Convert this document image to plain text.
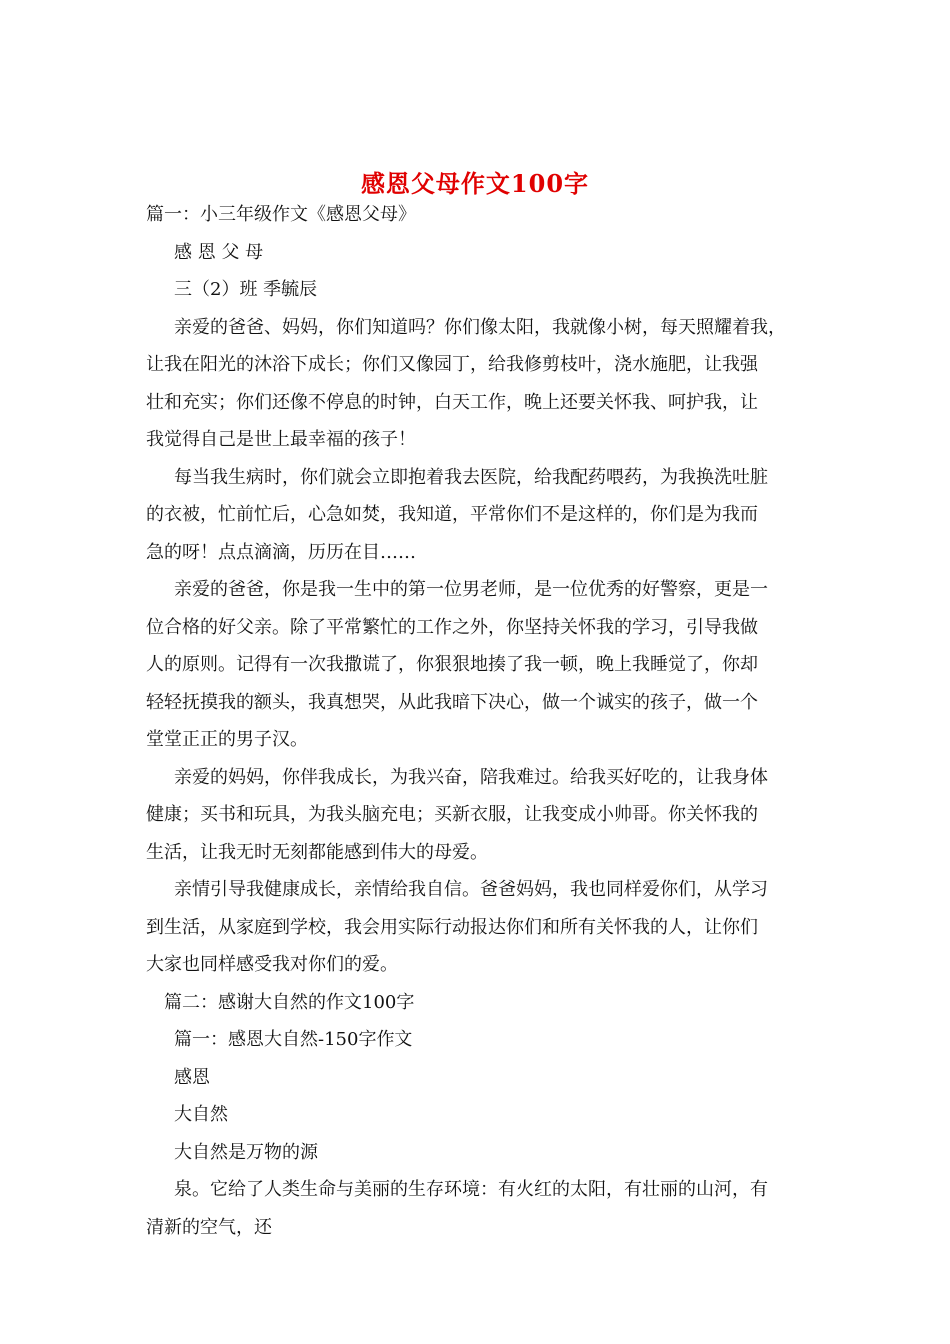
感恩父母作文100字

篇一：小三年级作文《感恩父母》

感 恩 父 母

三（2）班 季毓辰

亲爱的爸爸、妈妈，你们知道吗？你们像太阳，我就像小树，每天照耀着我，

让我在阳光的沐浴下成长；你们又像园丁，给我修剪枝叶，浇水施肥，让我强

壮和充实；你们还像不停息的时钟，白天工作，晚上还要关怀我、呵护我，让

我觉得自己是世上最幸福的孩子！

每当我生病时，你们就会立即抱着我去医院，给我配药喂药，为我换洗吐脏

的衣被，忙前忙后，心急如焚，我知道，平常你们不是这样的，你们是为我而

急的呀！点点滴滴，历历在目……

亲爱的爸爸，你是我一生中的第一位男老师，是一位优秀的好警察，更是一

位合格的好父亲。除了平常繁忙的工作之外，你坚持关怀我的学习，引导我做

人的原则。记得有一次我撒谎了，你狠狠地揍了我一顿，晚上我睡觉了，你却

轻轻抚摸我的额头，我真想哭，从此我暗下决心，做一个诚实的孩子，做一个

堂堂正正的男子汉。

亲爱的妈妈，你伴我成长，为我兴奋，陪我难过。给我买好吃的，让我身体

健康；买书和玩具，为我头脑充电；买新衣服，让我变成小帅哥。你关怀我的

生活，让我无时无刻都能感到伟大的母爱。

亲情引导我健康成长，亲情给我自信。爸爸妈妈，我也同样爱你们，从学习

到生活，从家庭到学校，我会用实际行动报达你们和所有关怀我的人，让你们

大家也同样感受我对你们的爱。

篇二：感谢大自然的作文100字

篇一：感恩大自然-150字作文

感恩

大自然

大自然是万物的源

泉。它给了人类生命与美丽的生存环境：有火红的太阳，有壮丽的山河，有

清新的空气，还
